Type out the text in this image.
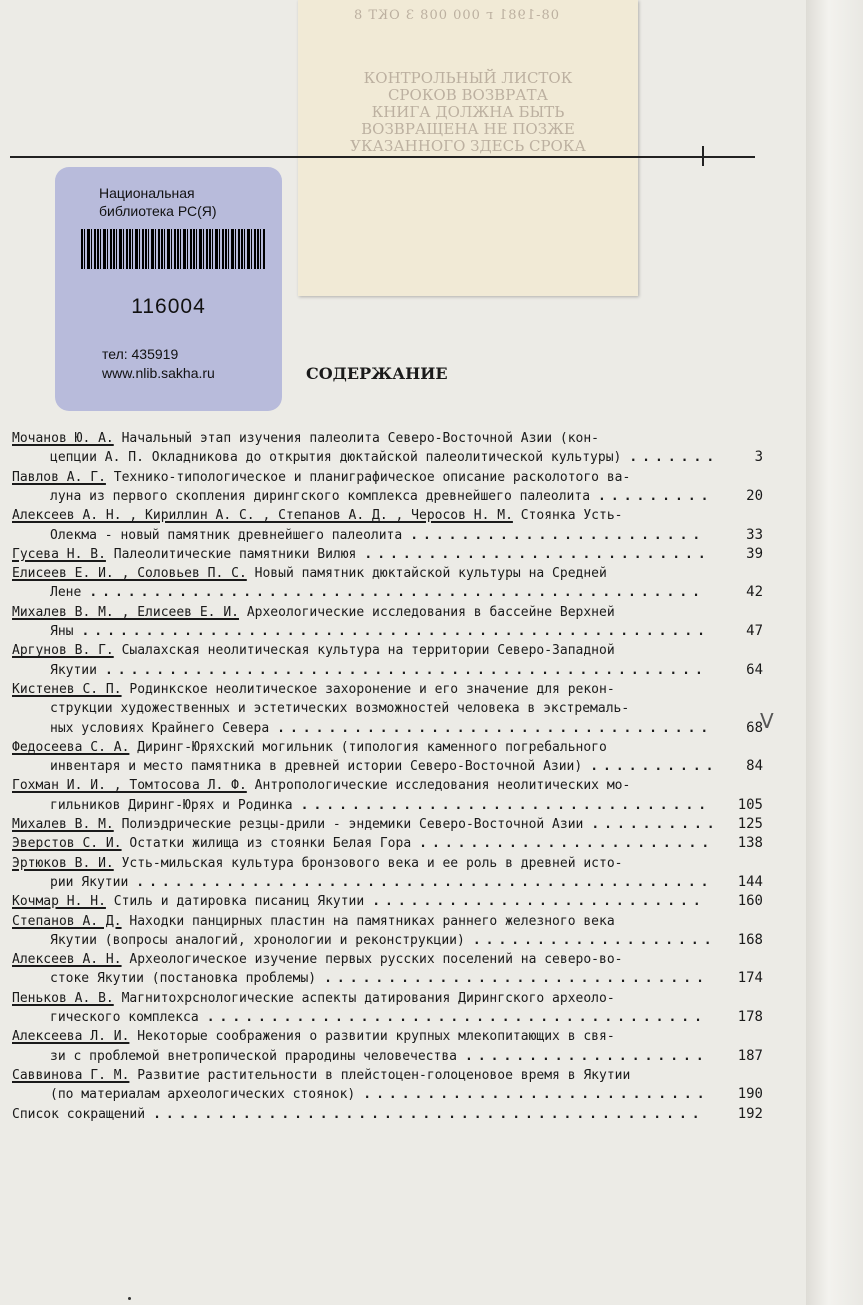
08-1981 г 000 008 З ОКТ 8
КОНТРОЛЬНЫЙ ЛИСТОК
СРОКОВ ВОЗВРАТА
КНИГА ДОЛЖНА БЫТЬ
ВОЗВРАЩЕНА НЕ ПОЗЖЕ
УКАЗАННОГО ЗДЕСЬ СРОКА
Национальная
библиотека РС(Я)
116004
тел: 435919
www.nlib.sakha.ru	СОДЕРЖАНИЕ
Мочанов Ю. А. Начальный этап изучения палеолита Северо-Восточной Азии (кон-
цепции А. П. Окладникова до открытия дюктайской палеолитической культуры) .......	3
Павлов А. Г. Технико-типологическое и планиграфическое описание расколотого ва-
луна из первого скопления дирингского комплекса древнейшего палеолита .........	20
Алексеев А. Н. , Кириллин А. С. , Степанов А. Д. , Черосов Н. М. Стоянка Усть-
Олекма - новый памятник древнейшего палеолита .......................	33
Гусева Н. В. Палеолитические памятники Вилюя ...........................	39
Елисеев Е. И. , Соловьев П. С. Новый памятник дюктайской культуры на Средней
Лене ................................................	42
Михалев В. М. , Елисеев Е. И. Археологические исследования в бассейне Верхней
Яны .................................................	47
Аргунов В. Г. Сыалахская неолитическая культура на территории Северо-Западной
Якутии ...............................................	64
Кистенев С. П. Родинкское неолитическое захоронение и его значение для рекон-
струкции художественных и эстетических возможностей человека в экстремаль-
ных условиях Крайнего Севера ..................................	68
Федосеева С. А. Диринг-Юряхский могильник (типология каменного погребального
инвентаря и место памятника в древней истории Северо-Восточной Азии) ..........	84
Гохман И. И. , Томтосова Л. Ф. Антропологические исследования неолитических мо-
гильников Диринг-Юрях и Родинка ................................	105
Михалев В. М. Полиэдрические резцы-дрили - эндемики Северо-Восточной Азии ..........	125
Эверстов С. И. Остатки жилища из стоянки Белая Гора .......................	138
Эртюков В. И. Усть-мильская культура бронзового века и ее роль в древней исто-
рии Якутии .............................................	144
Кочмар Н. Н. Стиль и датировка писаниц Якутии ..........................	160
Степанов А. Д. Находки панцирных пластин на памятниках раннего железного века
Якутии (вопросы аналогий, хронологии и реконструкции) ...................	168
Алексеев А. Н. Археологическое изучение первых русских поселений на северо-во-
стоке Якутии (постановка проблемы) ..............................	174
Пеньков А. В. Магнитохрснологические аспекты датирования Дирингского археоло-
гического комплекса .......................................	178
Алексеева Л. И. Некоторые соображения о развитии крупных млекопитающих в свя-
зи с проблемой внетропической прародины человечества ...................	187
Саввинова Г. М. Развитие растительности в плейстоцен-голоценовое время в Якутии
(по материалам археологических стоянок) ...........................	190
Список сокращений ...........................................	192
V
